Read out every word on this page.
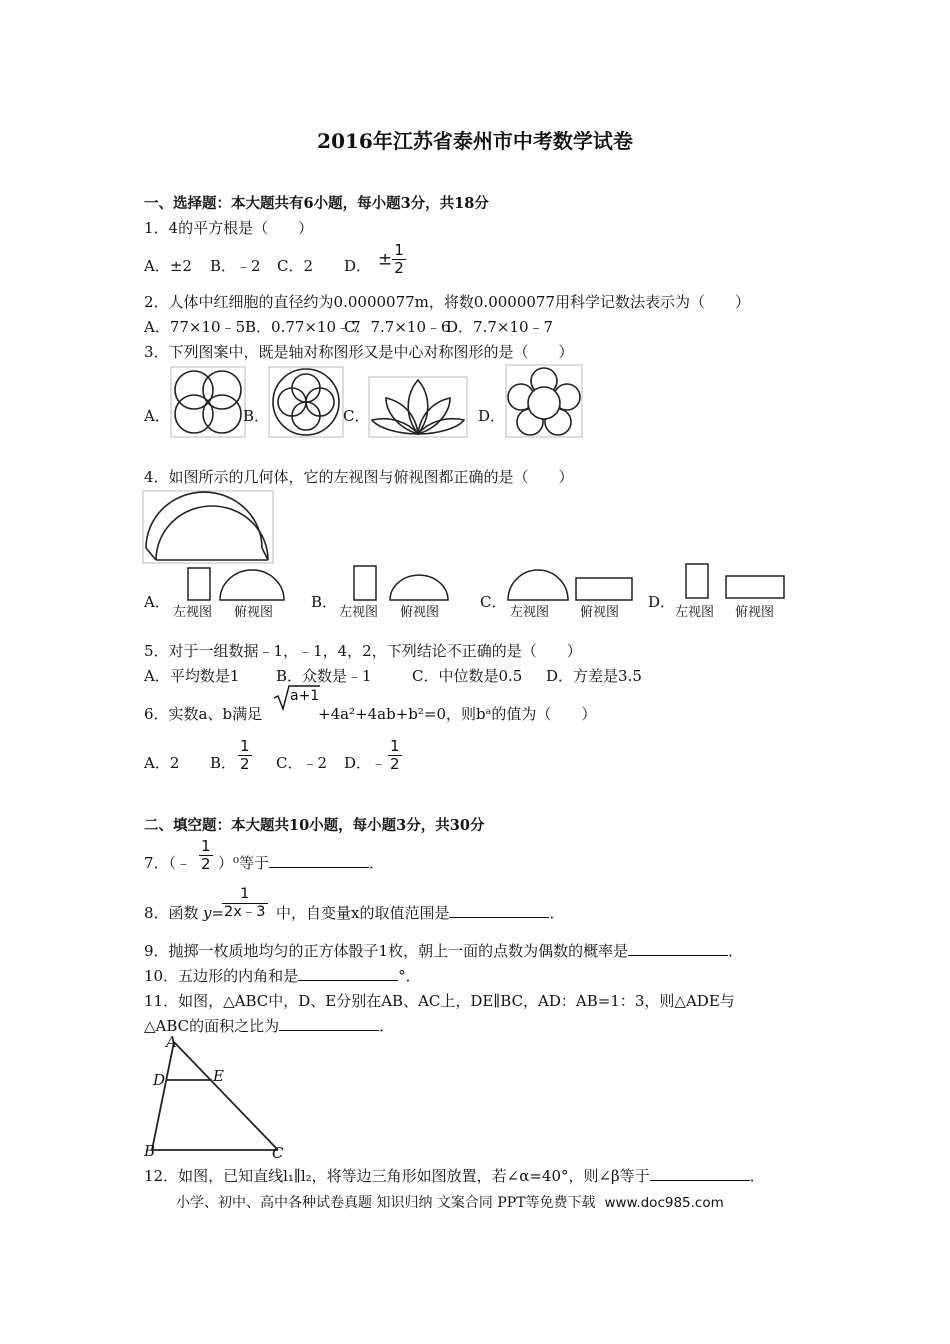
2016年江苏省泰州市中考数学试卷
一、选择题：本大题共有6小题，每小题3分，共18分
1．4的平方根是（　　）
A．±2 B．﹣2 C．2 D． ± $\frac{1}{2}$
2．人体中红细胞的直径约为0.0000077m，将数0.0000077用科学记数法表示为（　　）
A．77×10﹣5 B．0.77×10﹣7
C．7.7×10﹣6
D．7.7×10﹣7
3．下列图案中，既是轴对称图形又是中心对称图形的是（　　）
A．	B．	C．	D．
4．如图所示的几何体，它的左视图与俯视图都正确的是（　　）
A．
左视图 俯视图
B．
左视图 俯视图
C．
左视图 俯视图
D．
左视图 俯视图
5．对于一组数据﹣1，﹣1，4，2，下列结论不正确的是（　　）
A．平均数是1 B．众数是﹣1	C．中位数是0.5 D．方差是3.5
6．实数a、b满足
a+1
+4a²+4ab+b²=0，则bᵃ的值为（　　）
A．2 B． $\frac{1}{2}$ C．﹣2 D．﹣ $\frac{1}{2}$
二、填空题：本大题共10小题，每小题3分，共30分
7．（﹣ $\frac{1}{2} )^0$等于	．
8．函数 y=
$\frac{1}{2x﹣3}$ 中，自变量x的取值范围是	．
9．抛掷一枚质地均匀的正方体骰子1枚，朝上一面的点数为偶数的概率是	．
10．五边形的内角和是	°．
11．如图，△ABC中，D、E分别在AB、AC上，DE∥BC，AD：AB=1：3，则△ADE与
△ABC的面积之比为	．
A
D	E
B	C
12．如图，已知直线l₁∥l₂，将等边三角形如图放置，若∠α=40°，则∠β等于	．
小学、初中、高中各种试卷真题 知识归纳 文案合同 PPT等免费下载 www.doc985.com
